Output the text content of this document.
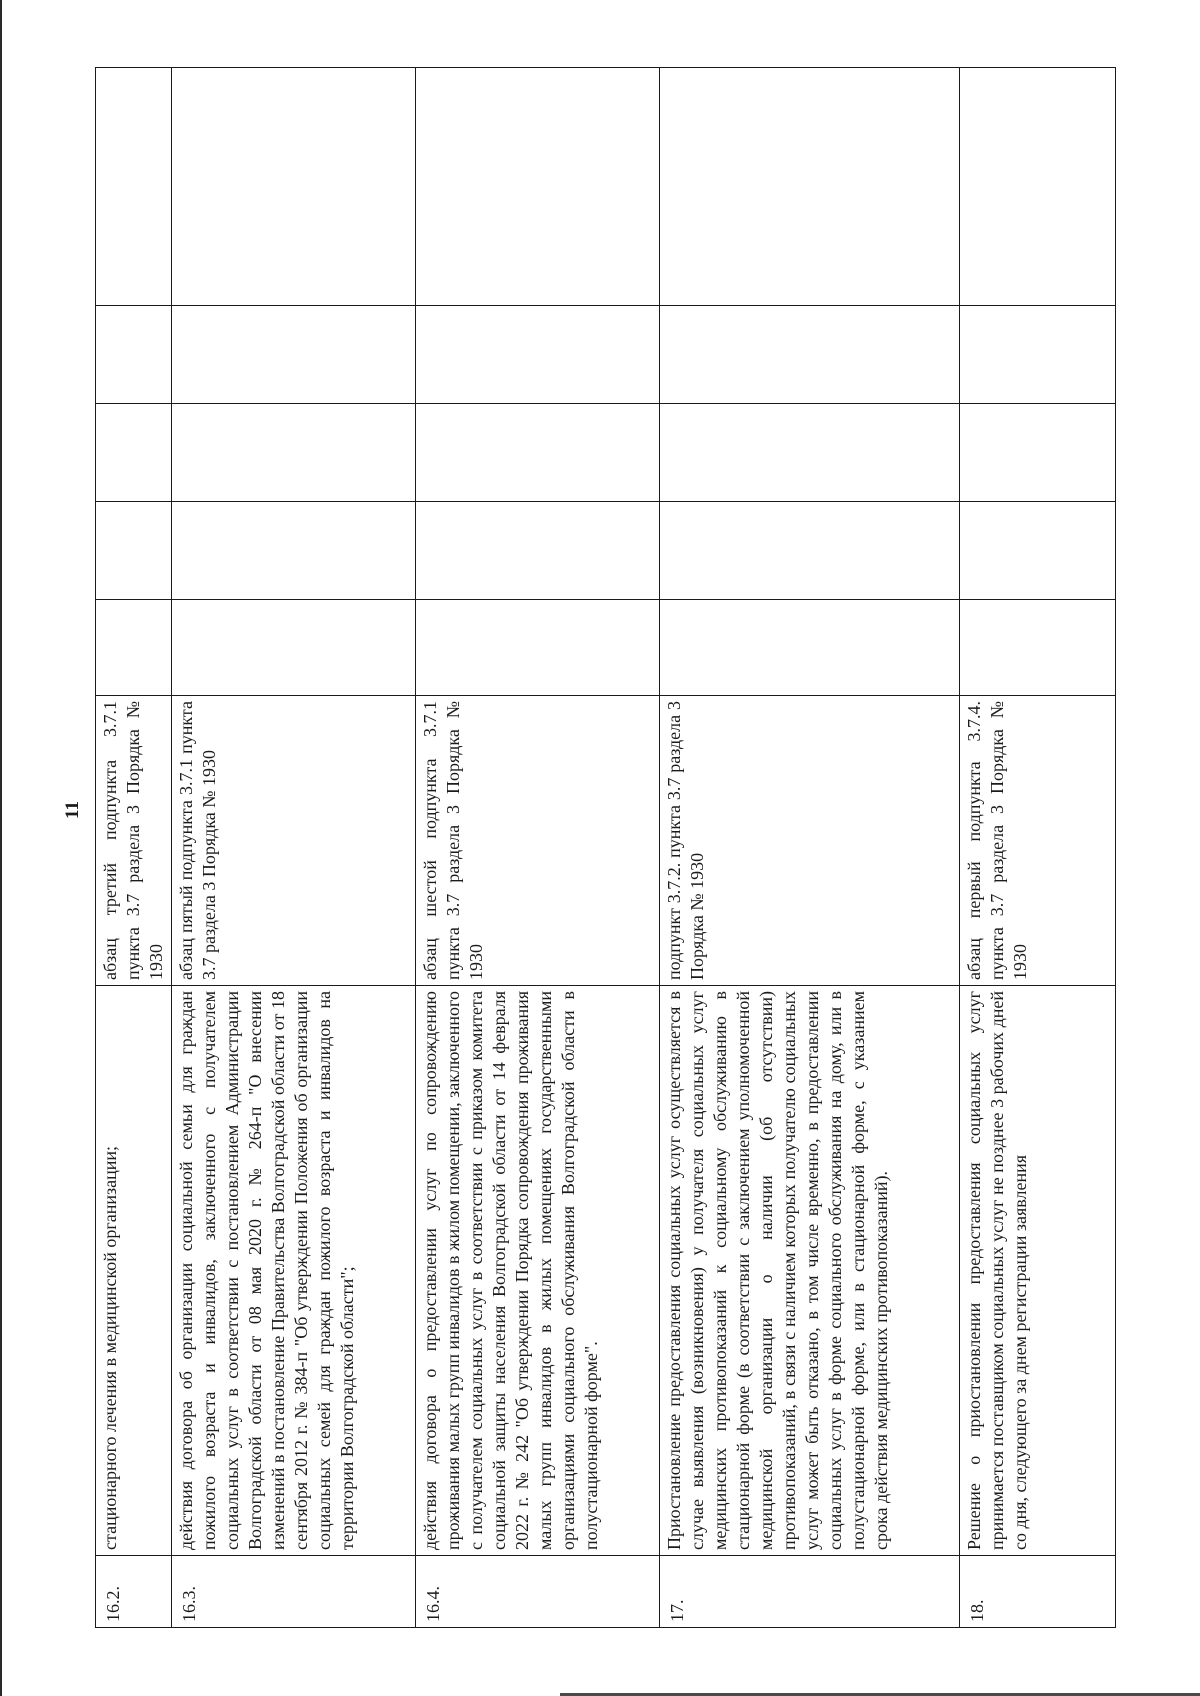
11
16.2.	стационарного лечения в медицинской организации;	абзац третий подпункта 3.7.1 пункта 3.7 раздела 3 Порядка № 1930					
16.3.	действия договора об организации социальной семьи для граждан пожилого возраста и инвалидов, заключенного с получателем социальных услуг в соответствии с постановлением Администрации Волгоградской области от 08 мая 2020 г. № 264-п "О внесении изменений в постановление Правительства Волгоградской области от 18 сентября 2012 г. № 384-п "Об утверждении Положения об организации социальных семей для граждан пожилого возраста и инвалидов на территории Волгоградской области";	абзац пятый подпункта 3.7.1 пункта 3.7 раздела 3 Порядка № 1930					
16.4.	действия договора о предоставлении услуг по сопровождению проживания малых групп инвалидов в жилом помещении, заключенного с получателем социальных услуг в соответствии с приказом комитета социальной защиты населения Волгоградской области от 14 февраля 2022 г. № 242 "Об утверждении Порядка сопровождения проживания малых групп инвалидов в жилых помещениях государственными организациями социального обслуживания Волгоградской области в полустационарной форме".	абзац шестой подпункта 3.7.1 пункта 3.7 раздела 3 Порядка № 1930					
17.	Приостановление предоставления социальных услуг осуществляется в случае выявления (возникновения) у получателя социальных услуг медицинских противопоказаний к социальному обслуживанию в стационарной форме (в соответствии с заключением уполномоченной медицинской организации о наличии (об отсутствии) противопоказаний, в связи с наличием которых получателю социальных услуг может быть отказано, в том числе временно, в предоставлении социальных услуг в форме социального обслуживания на дому, или в полустационарной форме, или в стационарной форме, с указанием срока действия медицинских противопоказаний).	подпункт 3.7.2. пункта 3.7 раздела 3 Порядка № 1930					
18.	Решение о приостановлении предоставления социальных услуг принимается поставщиком социальных услуг не позднее 3 рабочих дней со дня, следующего за днем регистрации заявления	абзац первый подпункта 3.7.4. пункта 3.7 раздела 3 Порядка № 1930					
